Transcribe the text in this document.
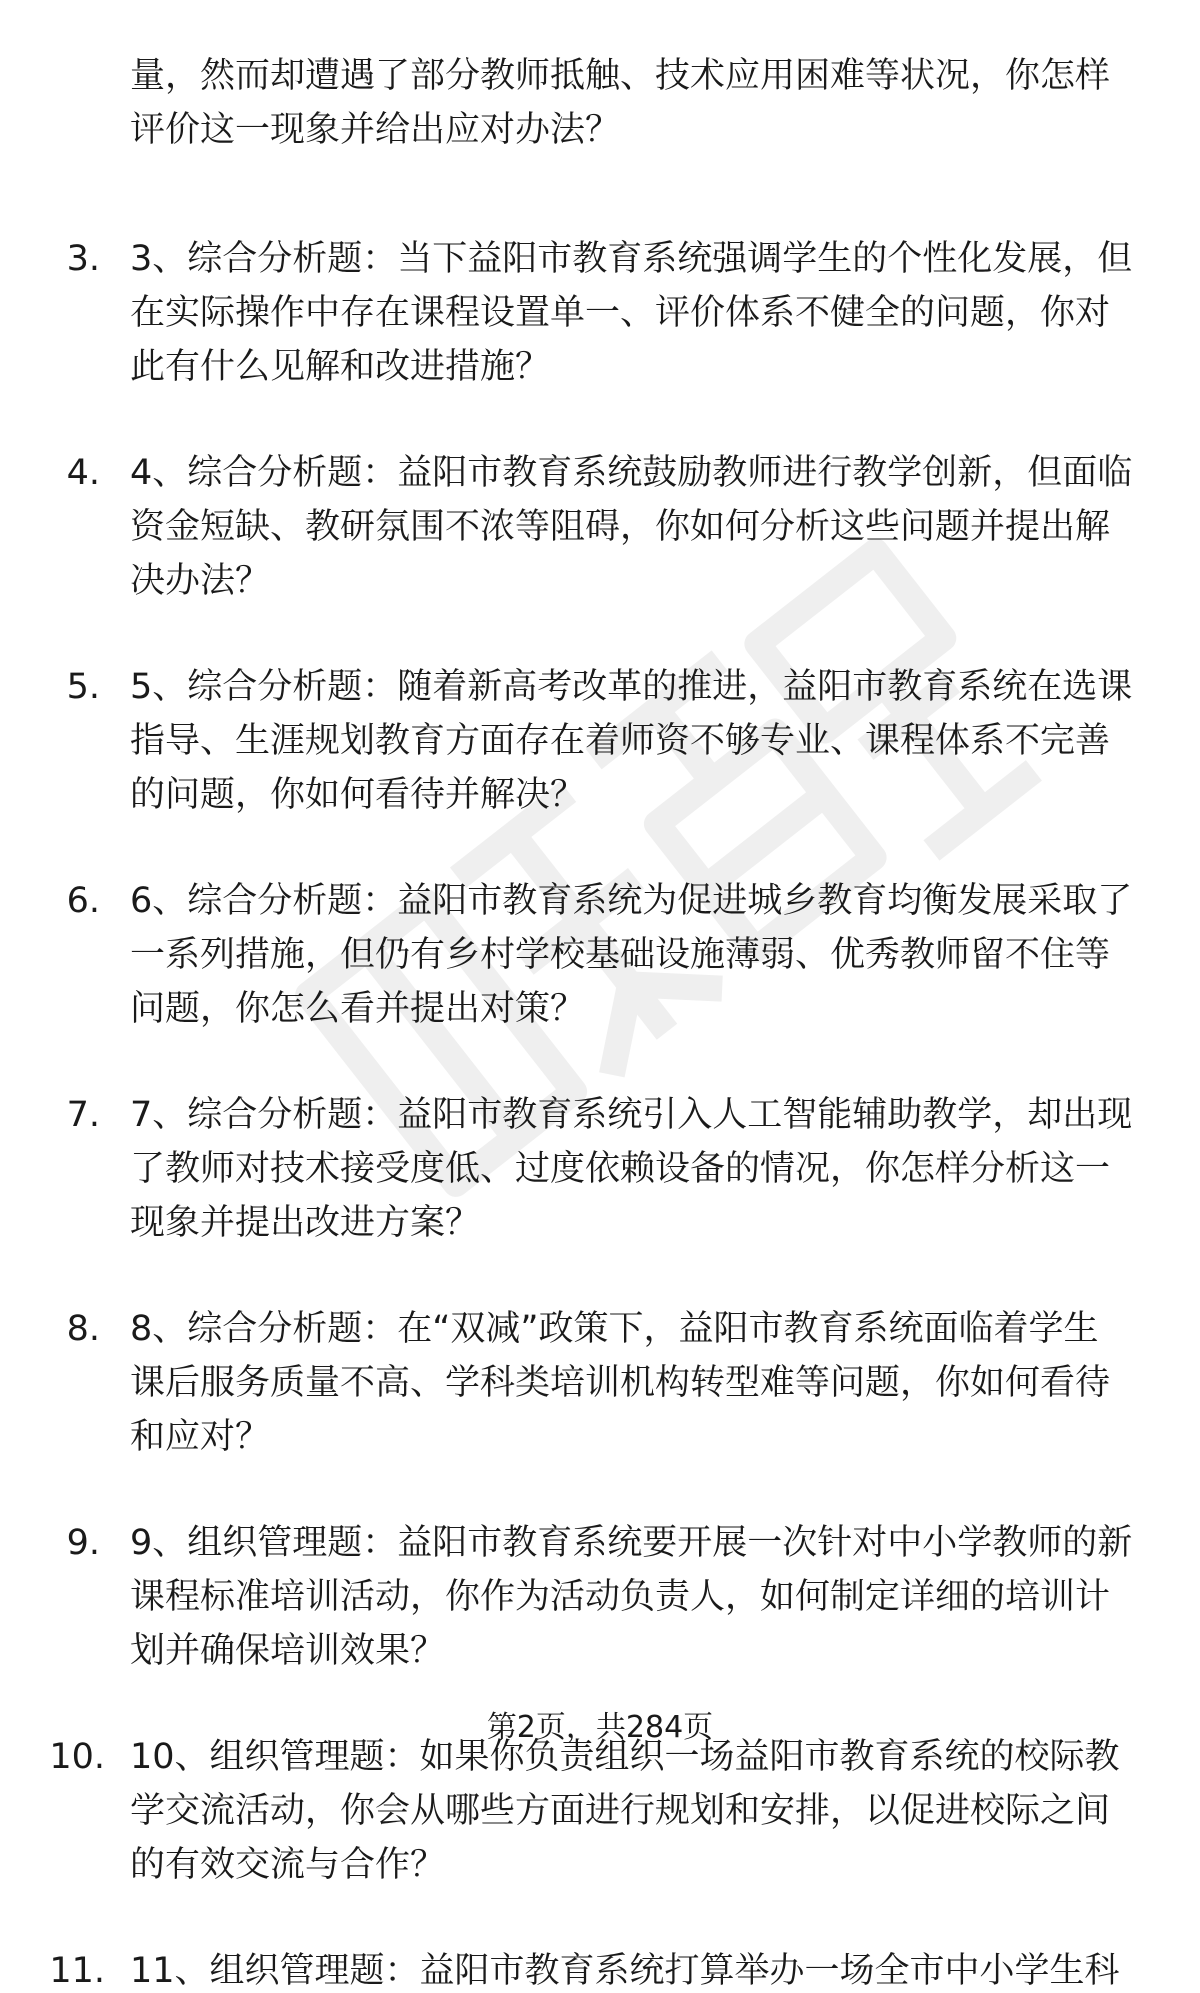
量，然而却遭遇了部分教师抵触、技术应用困难等状况，你怎样
评价这一现象并给出应对办法？
3. 3、综合分析题：当下益阳市教育系统强调学生的个性化发展，但
在实际操作中存在课程设置单一、评价体系不健全的问题，你对
此有什么见解和改进措施？
4. 4、综合分析题：益阳市教育系统鼓励教师进行教学创新，但面临
资金短缺、教研氛围不浓等阻碍，你如何分析这些问题并提出解
决办法？
5. 5、综合分析题：随着新高考改革的推进，益阳市教育系统在选课
指导、生涯规划教育方面存在着师资不够专业、课程体系不完善
的问题，你如何看待并解决？
6. 6、综合分析题：益阳市教育系统为促进城乡教育均衡发展采取了
一系列措施，但仍有乡村学校基础设施薄弱、优秀教师留不住等
问题，你怎么看并提出对策？
7. 7、综合分析题：益阳市教育系统引入人工智能辅助教学，却出现
了教师对技术接受度低、过度依赖设备的情况，你怎样分析这一
现象并提出改进方案？
8. 8、综合分析题：在“双减”政策下，益阳市教育系统面临着学生
课后服务质量不高、学科类培训机构转型难等问题，你如何看待
和应对？
9. 9、组织管理题：益阳市教育系统要开展一次针对中小学教师的新
课程标准培训活动，你作为活动负责人，如何制定详细的培训计
划并确保培训效果？
10. 10、组织管理题：如果你负责组织一场益阳市教育系统的校际教
学交流活动，你会从哪些方面进行规划和安排，以促进校际之间
的有效交流与合作？
11. 11、组织管理题：益阳市教育系统打算举办一场全市中小学生科
第2页，共284页
